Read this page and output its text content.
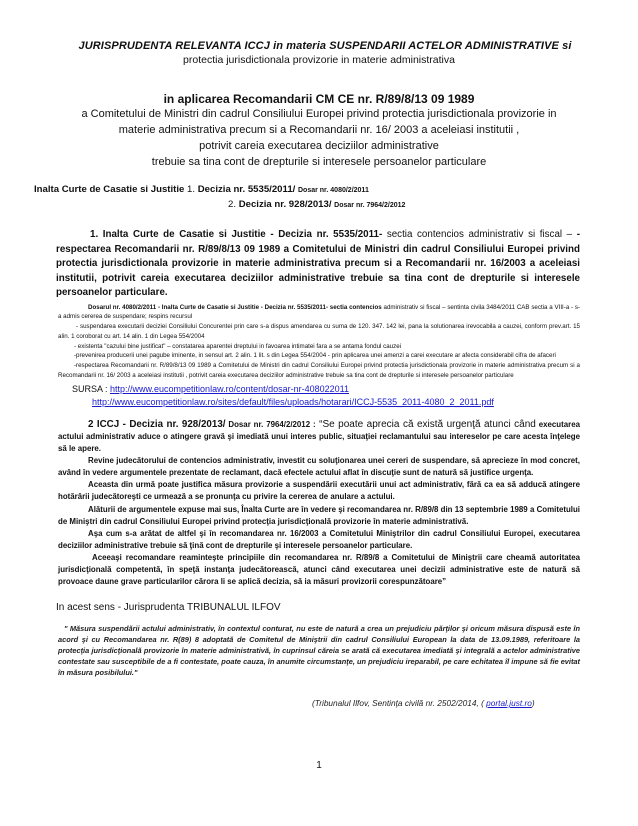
JURISPRUDENTA RELEVANTA ICCJ in materia SUSPENDARII ACTELOR ADMINISTRATIVE si
protectia jurisdictionala provizorie in materie administrativa
in aplicarea Recomandarii CM CE nr. R/89/8/13 09 1989
a Comitetului de Ministri din cadrul Consiliului Europei privind protectia jurisdictionala provizorie in
materie administrativa precum si a Recomandarii nr. 16/ 2003 a aceleiasi institutii ,
potrivit careia executarea deciziilor administrative
trebuie sa tina cont de drepturile si interesele persoanelor particulare
Inalta Curte de Casatie si Justitie 1. Decizia nr. 5535/2011/ Dosar nr. 4080/2/2011
2. Decizia nr. 928/2013/ Dosar nr. 7964/2/2012
1. Inalta Curte de Casatie si Justitie - Decizia nr. 5535/2011- sectia contencios administrativ si fiscal – - respectarea Recomandarii nr. R/89/8/13 09 1989 a Comitetului de Ministri din cadrul Consiliului Europei privind protectia jurisdictionala provizorie in materie administrativa precum si a Recomandarii nr. 16/2003 a aceleiasi institutii, potrivit careia executarea deciziilor administrative trebuie sa tina cont de drepturile si interesele persoanelor particulare.
Dosarul nr. 4080/2/2011 - Inalta Curte de Casatie si Justitie - Decizia nr. 5535/2011- sectia contencios administrativ si fiscal – sentinta civila 3484/2011 CAB sectia a VIII-a - s-a admis cererea de suspendare; respins recursul
- suspendarea executarii deciziei Consiliului Concurentei prin care s-a dispus amendarea cu suma de 120. 347. 142 lei, pana la solutionarea irevocabila a cauzei, conform prev.art. 15 alin. 1 coroborat cu art. 14 alin. 1 din Legea 554/2004
- existenta "cazului bine justificat" – constatarea aparentei dreptului in favoarea intimatei fara a se antama fondul cauzei
-prevenirea producerii unei pagube iminente, in sensul art. 2 alin. 1 lit. s din Legea 554/2004 - prin aplicarea unei amenzi a carei executare ar afecta considerabil cifra de afaceri
-respectarea Recomandarii nr. R/89/8/13 09 1989 a Comitetului de Ministri din cadrul Consiliului Europei privind protectia jurisdictionala provizorie in materie administrativa precum si a Recomandarii nr. 16/ 2003 a aceleiasi institutii , potrivit careia executarea deciziilor administrative trebuie sa tina cont de drepturile si interesele persoanelor particulare
SURSA : http://www.eucompetitionlaw.ro/content/dosar-nr-408022011
http://www.eucompetitionlaw.ro/sites/default/files/uploads/hotarari/ICCJ-5535_2011-4080_2_2011.pdf
2 ICCJ - Decizia nr. 928/2013/ Dosar nr. 7964/2/2012 : “Se poate aprecia că există urgenţă atunci când executarea actului administrativ aduce o atingere gravă şi imediată unui interes public, situaţiei reclamantului sau intereselor pe care acesta înţelege să le apere.
Revine judecătorului de contencios administrativ, investit cu soluţionarea unei cereri de suspendare, să aprecieze în mod concret, având în vedere argumentele prezentate de reclamant, dacă efectele actului aflat în discuţie sunt de natură să justifice urgenţa.
Aceasta din urmă poate justifica măsura provizorie a suspendării executării unui act administrativ, fără ca ea să adducă atingere hotărârii judecătoreşti ce urmează a se pronunţa cu privire la cererea de anulare a actului.
Alăturii de argumentele expuse mai sus, Înalta Curte are în vedere şi recomandarea nr. R/89/8 din 13 septembrie 1989 a Comitetului de Miniştri din cadrul Consiliului Europei privind protecţia jurisdicţională provizorie în materie administrativă.
Aşa cum s-a arătat de altfel şi în recomandarea nr. 16/2003 a Comitetului Miniştrilor din cadrul Consiliului Europei, executarea deciziilor administrative trebuie să ţină cont de drepturile şi interesele persoanelor particulare.
Aceeaşi recomandare reaminteşte principiile din recomandarea nr. R/89/8 a Comitetului de Miniştrii care cheamă autoritatea jurisdicţională competentă, în speţă instanţa judecătorească, atunci când executarea unei decizii administrative este de natură să provoace daune grave particularilor cărora li se aplică decizia, să ia măsuri provizorii corespunzătoare”
In acest sens - Jurisprudenta TRIBUNALUL ILFOV
" Măsura suspendării actului administrativ, în contextul conturat, nu este de natură a crea un prejudiciu părţilor şi oricum măsura dispusă este în acord şi cu Recomandarea nr. R(89) 8 adoptată de Comitetul de Miniştrii din cadrul Consiliului European la data de 13.09.1989, referitoare la protecţia jurisdicţională provizorie în materie administrativă, în cuprinsul căreia se arată că executarea imediată şi integrală a actelor administrative contestate sau susceptibile de a fi contestate, poate cauza, în anumite circumstanţe, un prejudiciu ireparabil, pe care echitatea îl impune să fie evitat în măsura posibilului."
(Tribunalul Ilfov, Sentinţa civilă nr. 2502/2014, ( portal.just.ro)
1
